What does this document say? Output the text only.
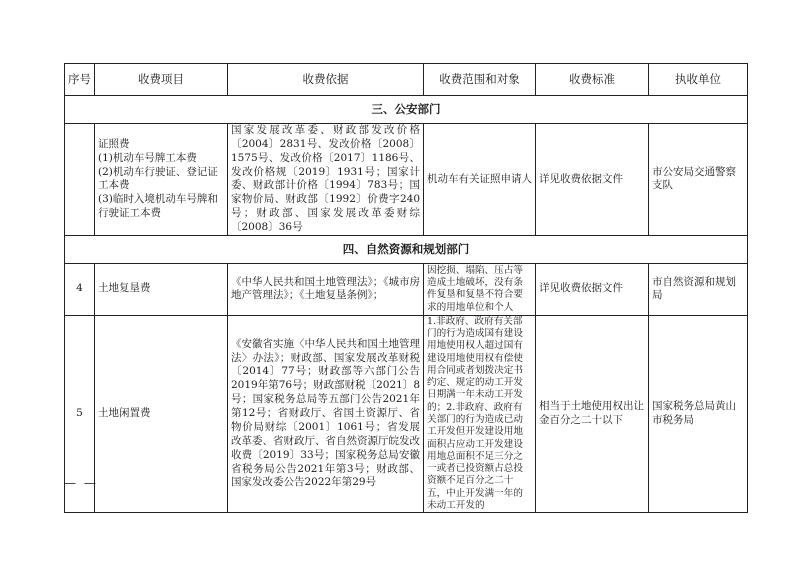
序号	收费项目	收费依据	收费范围和对象	收费标准	执收单位
三、公安部门					

	证照费
(1)机动车号牌工本费
(2)机动车行驶证、登记证工本费
(3)临时入境机动车号牌和行驶证工本费	国家发展改革委、财政部发改价格〔2004〕2831号、发改价格〔2008〕1575号、发改价格〔2017〕1186号、发改价格规〔2019〕1931号；国家计委、财政部计价格〔1994〕783号；国家物价局、财政部〔1992〕价费字240号；财政部、国家发展改革委财综〔2008〕36号	机动车有关证照申请人	详见收费依据文件	市公安局交通警察支队
四、自然资源和规划部门					
4	土地复垦费	《中华人民共和国土地管理法》；《城市房地产管理法》；《土地复垦条例》；	因挖损、塌陷、压占等造成土地破坏，没有条件复垦和复垦不符合要求的用地单位和个人	详见收费依据文件	市自然资源和规划局
5	土地闲置费	《安徽省实施〈中华人民共和国土地管理法〉办法》；财政部、国家发展改革财税〔2014〕77号；财政部等六部门公告2019年第76号；财政部财税〔2021〕8号；国家税务总局等五部门公告2021年第12号；省财政厅、省国土资源厅、省物价局财综〔2001〕1061号；省发展改革委、省财政厅、省自然资源厅皖发改收费〔2019〕33号；国家税务总局安徽省税务局公告2021年第3号；财政部、国家发改委公告2022年第29号	1.非政府、政府有关部门的行为造成国有建设用地使用权人超过国有建设用地使用权有偿使用合同或者划拨决定书约定、规定的动工开发日期满一年未动工开发的；2.非政府、政府有关部门的行为造成已动工开发但开发建设用地面积占应动工开发建设用地总面积不足三分之一或者已投资额占总投资额不足百分之二十五，中止开发满一年的未动工开发的	相当于土地使用权出让金百分之二十以下	国家税务总局黄山市税务局
— —
